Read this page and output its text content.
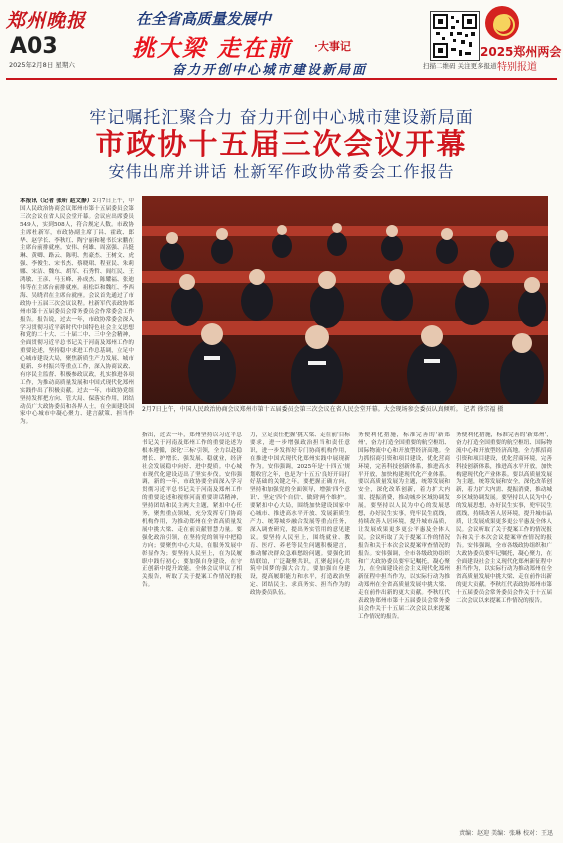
郑州晚报
A03
2025年2月8日 星期六
在全省高质量发展中
挑大梁 走在前 ·大事记
奋力开创中心城市建设新局面	扫描二维码 关注更多报道
2025郑州两会
特别报道
牢记嘱托汇聚合力 奋力开创中心城市建设新局面
市政协十五届三次会议开幕
安伟出席并讲话 杜新军作政协常委会工作报告
本报讯（记者 张昕 赵文静）2月7日上午，中国人民政治协商会议郑州市第十五届委员会第三次会议在省人民会堂开幕。会议应出席委员549人，实到508人，符合规定人数。市政协主席杜新军，市政协副主席丁昌、霍政、郎华、赵学长、李秋红、陶宁丽和秘书长宋鹏在主席台前排就座。安伟、何雄、周富强、吕挺琳、黄卿、路云、陈明、焦豪杰、王树文、虎强、李俊生、宋书杰、蔡晓珺、程亚民、朱莉娜、宋洁、魏东、胡军、石秀哲、阎红民、王鸿敏、王彦、马玉峰、孙成杰、陈耀福、张迪伟等在主席台前排就座。祖松臣和魏红、李西海、吴晓君在主席台就座。会议首先通过了市政协十五届三次会议议程。杜新军代表政协郑州市第十五届委员会常务委员会作常委会工作报告。报告说，过去一年，市政协常委会深入学习贯彻习近平新时代中国特色社会主义思想和党的二十大、二十届二中、三中全会精神，全面贯彻习近平总书记关于河南及郑州工作的重要论述，坚持稳中求进工作总基调，立足中心城市建设大局，聚焦新质生产力发展、城市更新、乡村振兴等重点工作，深入协商议政、有序民主监督、积极参政议政，扎实推进各项工作，为推动高质量发展和中国式现代化郑州实践作出了积极贡献。过去一年，市政协党组坚持发挥把方向、管大局、保落实作用，团结动员广大政协委员和各界人士，在全面建设国家中心城市中凝心聚力、建言献策、担当作为。
2月7日上午，中国人民政治协商会议郑州市第十五届委员会第三次会议在省人民会堂开幕。大会现场参会委员认真倾听。 记者 徐宗福 摄
指出，过去一年，郑州坚持以习近平总书记关于河南及郑州工作的重要论述为根本遵循，深化'三标'引领，全力以赴稳增长、护增长、强发展、稳就业，经济社会发展稳中向好、进中提质。中心城市现代化建设迈出了坚实步伐。安伟强调，新的一年，市政协要全面深入学习贯彻习近平总书记关于河南及郑州工作的重要论述和视察河南重要讲话精神，坚持团结和民主两大主题，紧扣中心任务，聚焦重点领域，充分发挥专门协商机构作用，为推动郑州在全省高质量发展中挑大梁、走在前贡献智慧力量。要强化政治引领，在坚持党的领导中把稳方向；要聚焦中心大局，在服务发展中彰显作为；要坚持人民至上，在为民履职中践行初心；要加强自身建设，在守正创新中提升效能。全体会议审议了相关报告，听取了关于提案工作情况的报告。
力，立足责任把握'挑大梁、走在前'目标要求，进一步增强政治担当和责任意识，进一步发挥好专门协商机构作用，在推进中国式现代化郑州实践中展现新作为。安伟强调，2025年是'十四五'规划收官之年，也是为'十五五'良好开局打好基础的关键之年。要把握正确方向，坚持和加强党的全面领导，增强'四个意识'、坚定'四个自信'、做到'两个维护'。要紧扣中心大局，围绕加快建设国家中心城市、推进高水平开放、发展新质生产力、统筹城乡融合发展等重点任务，深入调查研究，提出务实管用的意见建议。要坚持人民至上，围绕就业、教育、医疗、养老等民生问题积极建言，推动解决群众急难愁盼问题。要强化团结联谊，广泛凝聚共识，汇聚起同心共筑中国梦的强大合力。要加强自身建设，提高履职能力和水平，打造政治坚定、团结民主、求真务实、担当作为的政协委员队伍。
务便利化措施，标准完善的'新郑州'，奋力打造全国重要的航空枢纽、国际物流中心和开放型经济高地。全力抓招商引资和项目建设，优化营商环境，完善科技创新体系，推进高水平开放，加快构建现代化产业体系。要以高质量发展为主题，统筹发展和安全，深化改革创新，着力扩大内需、提振消费，推动城乡区域协调发展。要坚持以人民为中心的发展思想，办好民生实事，兜牢民生底线，持续改善人居环境，提升城市品质，让发展成果更多更公平惠及全体人民。会议听取了关于提案工作的情况报告和关于本次会议提案审查情况的报告。安伟强调，全市各级政协组织和广大政协委员要牢记嘱托，凝心聚力，在全面建设社会主义现代化郑州新征程中担当作为，以实际行动为推动郑州在全省高质量发展中挑大梁、走在前作出新的更大贡献。李秋红代表政协郑州市第十五届委员会常务委员会作关于十五届二次会议以来提案工作情况的报告。
务便利化措施，标准完善的'新郑州'，奋力打造全国重要的航空枢纽、国际物流中心和开放型经济高地。全力抓招商引资和项目建设，优化营商环境，完善科技创新体系，推进高水平开放，加快构建现代化产业体系。要以高质量发展为主题，统筹发展和安全，深化改革创新，着力扩大内需、提振消费，推动城乡区域协调发展。要坚持以人民为中心的发展思想，办好民生实事，兜牢民生底线，持续改善人居环境，提升城市品质，让发展成果更多更公平惠及全体人民。会议听取了关于提案工作的情况报告和关于本次会议提案审查情况的报告。安伟强调，全市各级政协组织和广大政协委员要牢记嘱托，凝心聚力，在全面建设社会主义现代化郑州新征程中担当作为，以实际行动为推动郑州在全省高质量发展中挑大梁、走在前作出新的更大贡献。李秋红代表政协郑州市第十五届委员会常务委员会作关于十五届二次会议以来提案工作情况的报告。
责编：赵迎 美编：张琳 校对：王迅
